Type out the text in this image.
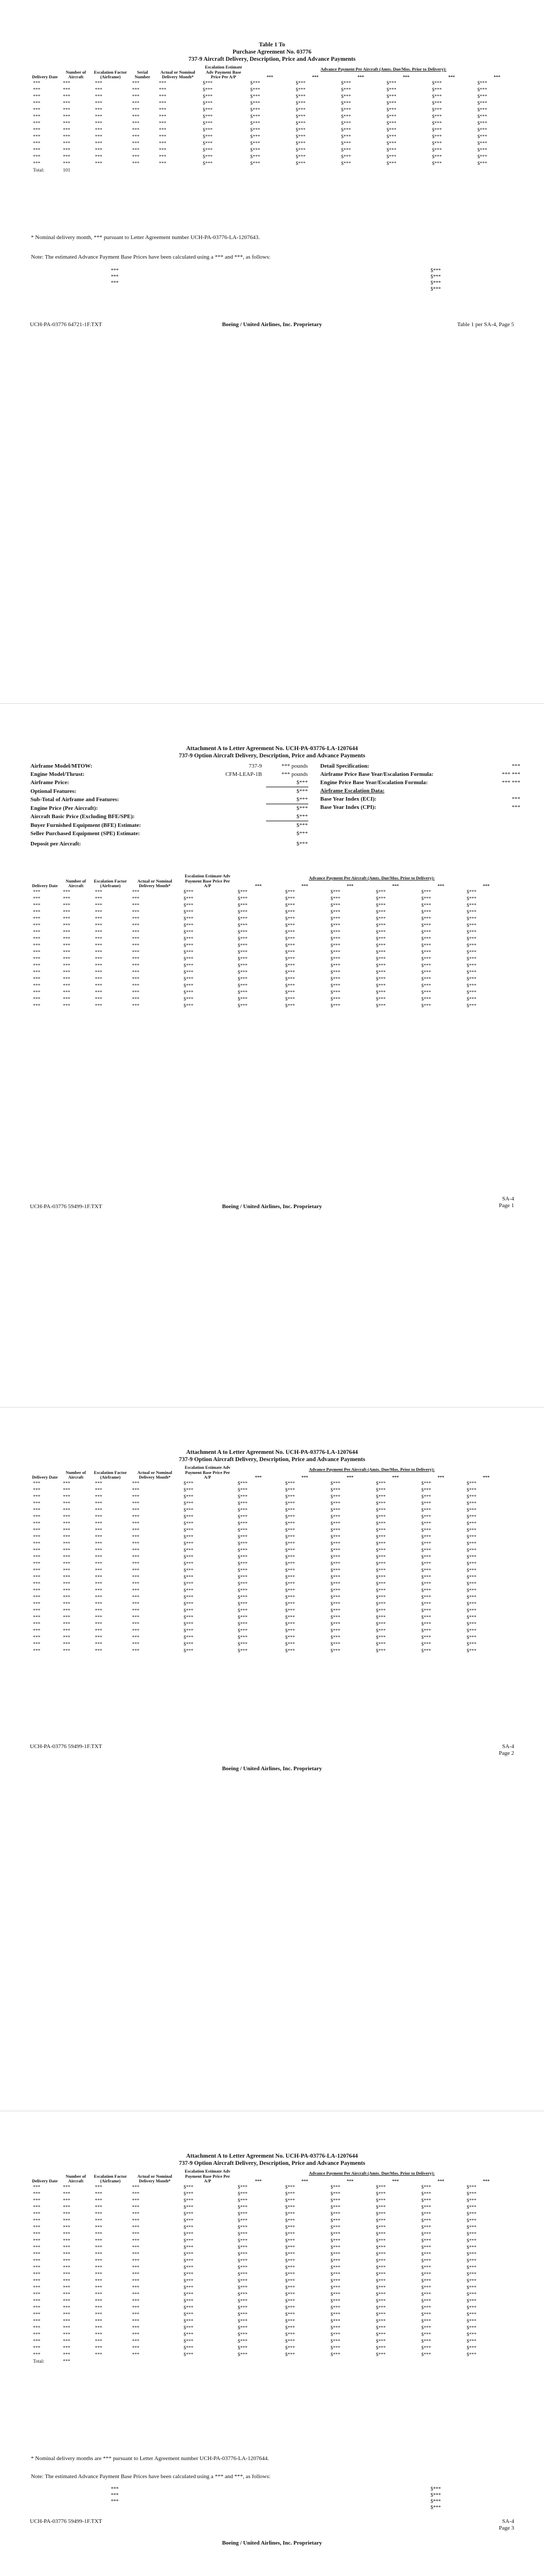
Table 1 To
Purchase Agreement No. 03776
737-9 Aircraft Delivery, Description, Price and Advance Payments
Delivery Date	Number of Aircraft	Escalation Factor (Airframe)	Serial Number	Actual or Nominal Delivery Month*	Escalation Estimate Adv Payment Base Price Per A/P	Advance Payment Per Aircraft (Amts. Due/Mos. Prior to Delivery):					
						***	***	***	***	***	***
***	***	***	***	***	$***	$***	$***	$***	$***	$***	$***
***	***	***	***	***	$***	$***	$***	$***	$***	$***	$***
***	***	***	***	***	$***	$***	$***	$***	$***	$***	$***
***	***	***	***	***	$***	$***	$***	$***	$***	$***	$***
***	***	***	***	***	$***	$***	$***	$***	$***	$***	$***
***	***	***	***	***	$***	$***	$***	$***	$***	$***	$***
***	***	***	***	***	$***	$***	$***	$***	$***	$***	$***
***	***	***	***	***	$***	$***	$***	$***	$***	$***	$***
***	***	***	***	***	$***	$***	$***	$***	$***	$***	$***
***	***	***	***	***	$***	$***	$***	$***	$***	$***	$***
***	***	***	***	***	$***	$***	$***	$***	$***	$***	$***
***	***	***	***	***	$***	$***	$***	$***	$***	$***	$***
***	***	***	***	***	$***	$***	$***	$***	$***	$***	$***
Total:	101										
* Nominal delivery month, *** pursuant to Letter Agreement number UCH-PA-03776-LA-1207643.
Note: The estimated Advance Payment Base Prices have been calculated using a *** and ***, as follows:
***	$***
***	$***
***	$***
$***
UCH-PA-03776 64721-1F.TXT	Boeing / United Airlines, Inc. Proprietary	Table 1 per SA-4, Page 5
Attachment A to Letter Agreement No. UCH-PA-03776-LA-1207644
737-9 Option Aircraft Delivery, Description, Price and Advance Payments
Airframe Model/MTOW:	737-9	*** pounds
Engine Model/Thrust:	CFM-LEAP-1B	*** pounds
Airframe Price:		$***
Optional Features:		$***
Sub-Total of Airframe and Features:		$***
Engine Price (Per Aircraft):		$***
Aircraft Basic Price (Excluding BFE/SPE):		$***
Buyer Furnished Equipment (BFE) Estimate:		$***
Seller Purchased Equipment (SPE) Estimate:		$***
Deposit per Aircraft:		$***
Detail Specification:	***
Airframe Price Base Year/Escalation Formula:	*** ***
Engine Price Base Year/Escalation Formula:	*** ***
Airframe Escalation Data:	
Base Year Index (ECI):	***
Base Year Index (CPI):	***
Delivery Date	Number of Aircraft	Escalation Factor (Airframe)	Actual or Nominal Delivery Month*	Escalation Estimate Adv Payment Base Price Per A/P	Advance Payment Per Aircraft (Amts. Due/Mos. Prior to Delivery):					
					***	***	***	***	***	***
***	***	***	***	$***	$***	$***	$***	$***	$***	$***
***	***	***	***	$***	$***	$***	$***	$***	$***	$***
***	***	***	***	$***	$***	$***	$***	$***	$***	$***
***	***	***	***	$***	$***	$***	$***	$***	$***	$***
***	***	***	***	$***	$***	$***	$***	$***	$***	$***
***	***	***	***	$***	$***	$***	$***	$***	$***	$***
***	***	***	***	$***	$***	$***	$***	$***	$***	$***
***	***	***	***	$***	$***	$***	$***	$***	$***	$***
***	***	***	***	$***	$***	$***	$***	$***	$***	$***
***	***	***	***	$***	$***	$***	$***	$***	$***	$***
***	***	***	***	$***	$***	$***	$***	$***	$***	$***
***	***	***	***	$***	$***	$***	$***	$***	$***	$***
***	***	***	***	$***	$***	$***	$***	$***	$***	$***
***	***	***	***	$***	$***	$***	$***	$***	$***	$***
***	***	***	***	$***	$***	$***	$***	$***	$***	$***
***	***	***	***	$***	$***	$***	$***	$***	$***	$***
***	***	***	***	$***	$***	$***	$***	$***	$***	$***
***	***	***	***	$***	$***	$***	$***	$***	$***	$***
UCH-PA-03776 59499-1F.TXT	Boeing / United Airlines, Inc. Proprietary
SA-4
Page 1
Attachment A to Letter Agreement No. UCH-PA-03776-LA-1207644
737-9 Option Aircraft Delivery, Description, Price and Advance Payments
Delivery Date	Number of Aircraft	Escalation Factor (Airframe)	Actual or Nominal Delivery Month*	Escalation Estimate Adv Payment Base Price Per A/P	Advance Payment Per Aircraft (Amts. Due/Mos. Prior to Delivery):					
					***	***	***	***	***	***
***	***	***	***	$***	$***	$***	$***	$***	$***	$***
***	***	***	***	$***	$***	$***	$***	$***	$***	$***
***	***	***	***	$***	$***	$***	$***	$***	$***	$***
***	***	***	***	$***	$***	$***	$***	$***	$***	$***
***	***	***	***	$***	$***	$***	$***	$***	$***	$***
***	***	***	***	$***	$***	$***	$***	$***	$***	$***
***	***	***	***	$***	$***	$***	$***	$***	$***	$***
***	***	***	***	$***	$***	$***	$***	$***	$***	$***
***	***	***	***	$***	$***	$***	$***	$***	$***	$***
***	***	***	***	$***	$***	$***	$***	$***	$***	$***
***	***	***	***	$***	$***	$***	$***	$***	$***	$***
***	***	***	***	$***	$***	$***	$***	$***	$***	$***
***	***	***	***	$***	$***	$***	$***	$***	$***	$***
***	***	***	***	$***	$***	$***	$***	$***	$***	$***
***	***	***	***	$***	$***	$***	$***	$***	$***	$***
***	***	***	***	$***	$***	$***	$***	$***	$***	$***
***	***	***	***	$***	$***	$***	$***	$***	$***	$***
***	***	***	***	$***	$***	$***	$***	$***	$***	$***
***	***	***	***	$***	$***	$***	$***	$***	$***	$***
***	***	***	***	$***	$***	$***	$***	$***	$***	$***
***	***	***	***	$***	$***	$***	$***	$***	$***	$***
***	***	***	***	$***	$***	$***	$***	$***	$***	$***
***	***	***	***	$***	$***	$***	$***	$***	$***	$***
***	***	***	***	$***	$***	$***	$***	$***	$***	$***
***	***	***	***	$***	$***	$***	$***	$***	$***	$***
***	***	***	***	$***	$***	$***	$***	$***	$***	$***
UCH-PA-03776 59499-1F.TXT	SA-4
Page 2
Boeing / United Airlines, Inc. Proprietary
Attachment A to Letter Agreement No. UCH-PA-03776-LA-1207644
737-9 Option Aircraft Delivery, Description, Price and Advance Payments
Delivery Date	Number of Aircraft	Escalation Factor (Airframe)	Actual or Nominal Delivery Month*	Escalation Estimate Adv Payment Base Price Per A/P	Advance Payment Per Aircraft (Amts. Due/Mos. Prior to Delivery):					
					***	***	***	***	***	***
***	***	***	***	$***	$***	$***	$***	$***	$***	$***
***	***	***	***	$***	$***	$***	$***	$***	$***	$***
***	***	***	***	$***	$***	$***	$***	$***	$***	$***
***	***	***	***	$***	$***	$***	$***	$***	$***	$***
***	***	***	***	$***	$***	$***	$***	$***	$***	$***
***	***	***	***	$***	$***	$***	$***	$***	$***	$***
***	***	***	***	$***	$***	$***	$***	$***	$***	$***
***	***	***	***	$***	$***	$***	$***	$***	$***	$***
***	***	***	***	$***	$***	$***	$***	$***	$***	$***
***	***	***	***	$***	$***	$***	$***	$***	$***	$***
***	***	***	***	$***	$***	$***	$***	$***	$***	$***
***	***	***	***	$***	$***	$***	$***	$***	$***	$***
***	***	***	***	$***	$***	$***	$***	$***	$***	$***
***	***	***	***	$***	$***	$***	$***	$***	$***	$***
***	***	***	***	$***	$***	$***	$***	$***	$***	$***
***	***	***	***	$***	$***	$***	$***	$***	$***	$***
***	***	***	***	$***	$***	$***	$***	$***	$***	$***
***	***	***	***	$***	$***	$***	$***	$***	$***	$***
***	***	***	***	$***	$***	$***	$***	$***	$***	$***
***	***	***	***	$***	$***	$***	$***	$***	$***	$***
***	***	***	***	$***	$***	$***	$***	$***	$***	$***
***	***	***	***	$***	$***	$***	$***	$***	$***	$***
***	***	***	***	$***	$***	$***	$***	$***	$***	$***
***	***	***	***	$***	$***	$***	$***	$***	$***	$***
***	***	***	***	$***	$***	$***	$***	$***	$***	$***
***	***	***	***	$***	$***	$***	$***	$***	$***	$***
Total:	***									
* Nominal delivery months are *** pursuant to Letter Agreement number UCH-PA-03776-LA-1207644.
Note: The estimated Advance Payment Base Prices have been calculated using a *** and ***, as follows:
***	$***
***	$***
***	$***
$***
UCH-PA-03776 59499-1F.TXT	SA-4
Page 3
Boeing / United Airlines, Inc. Proprietary
